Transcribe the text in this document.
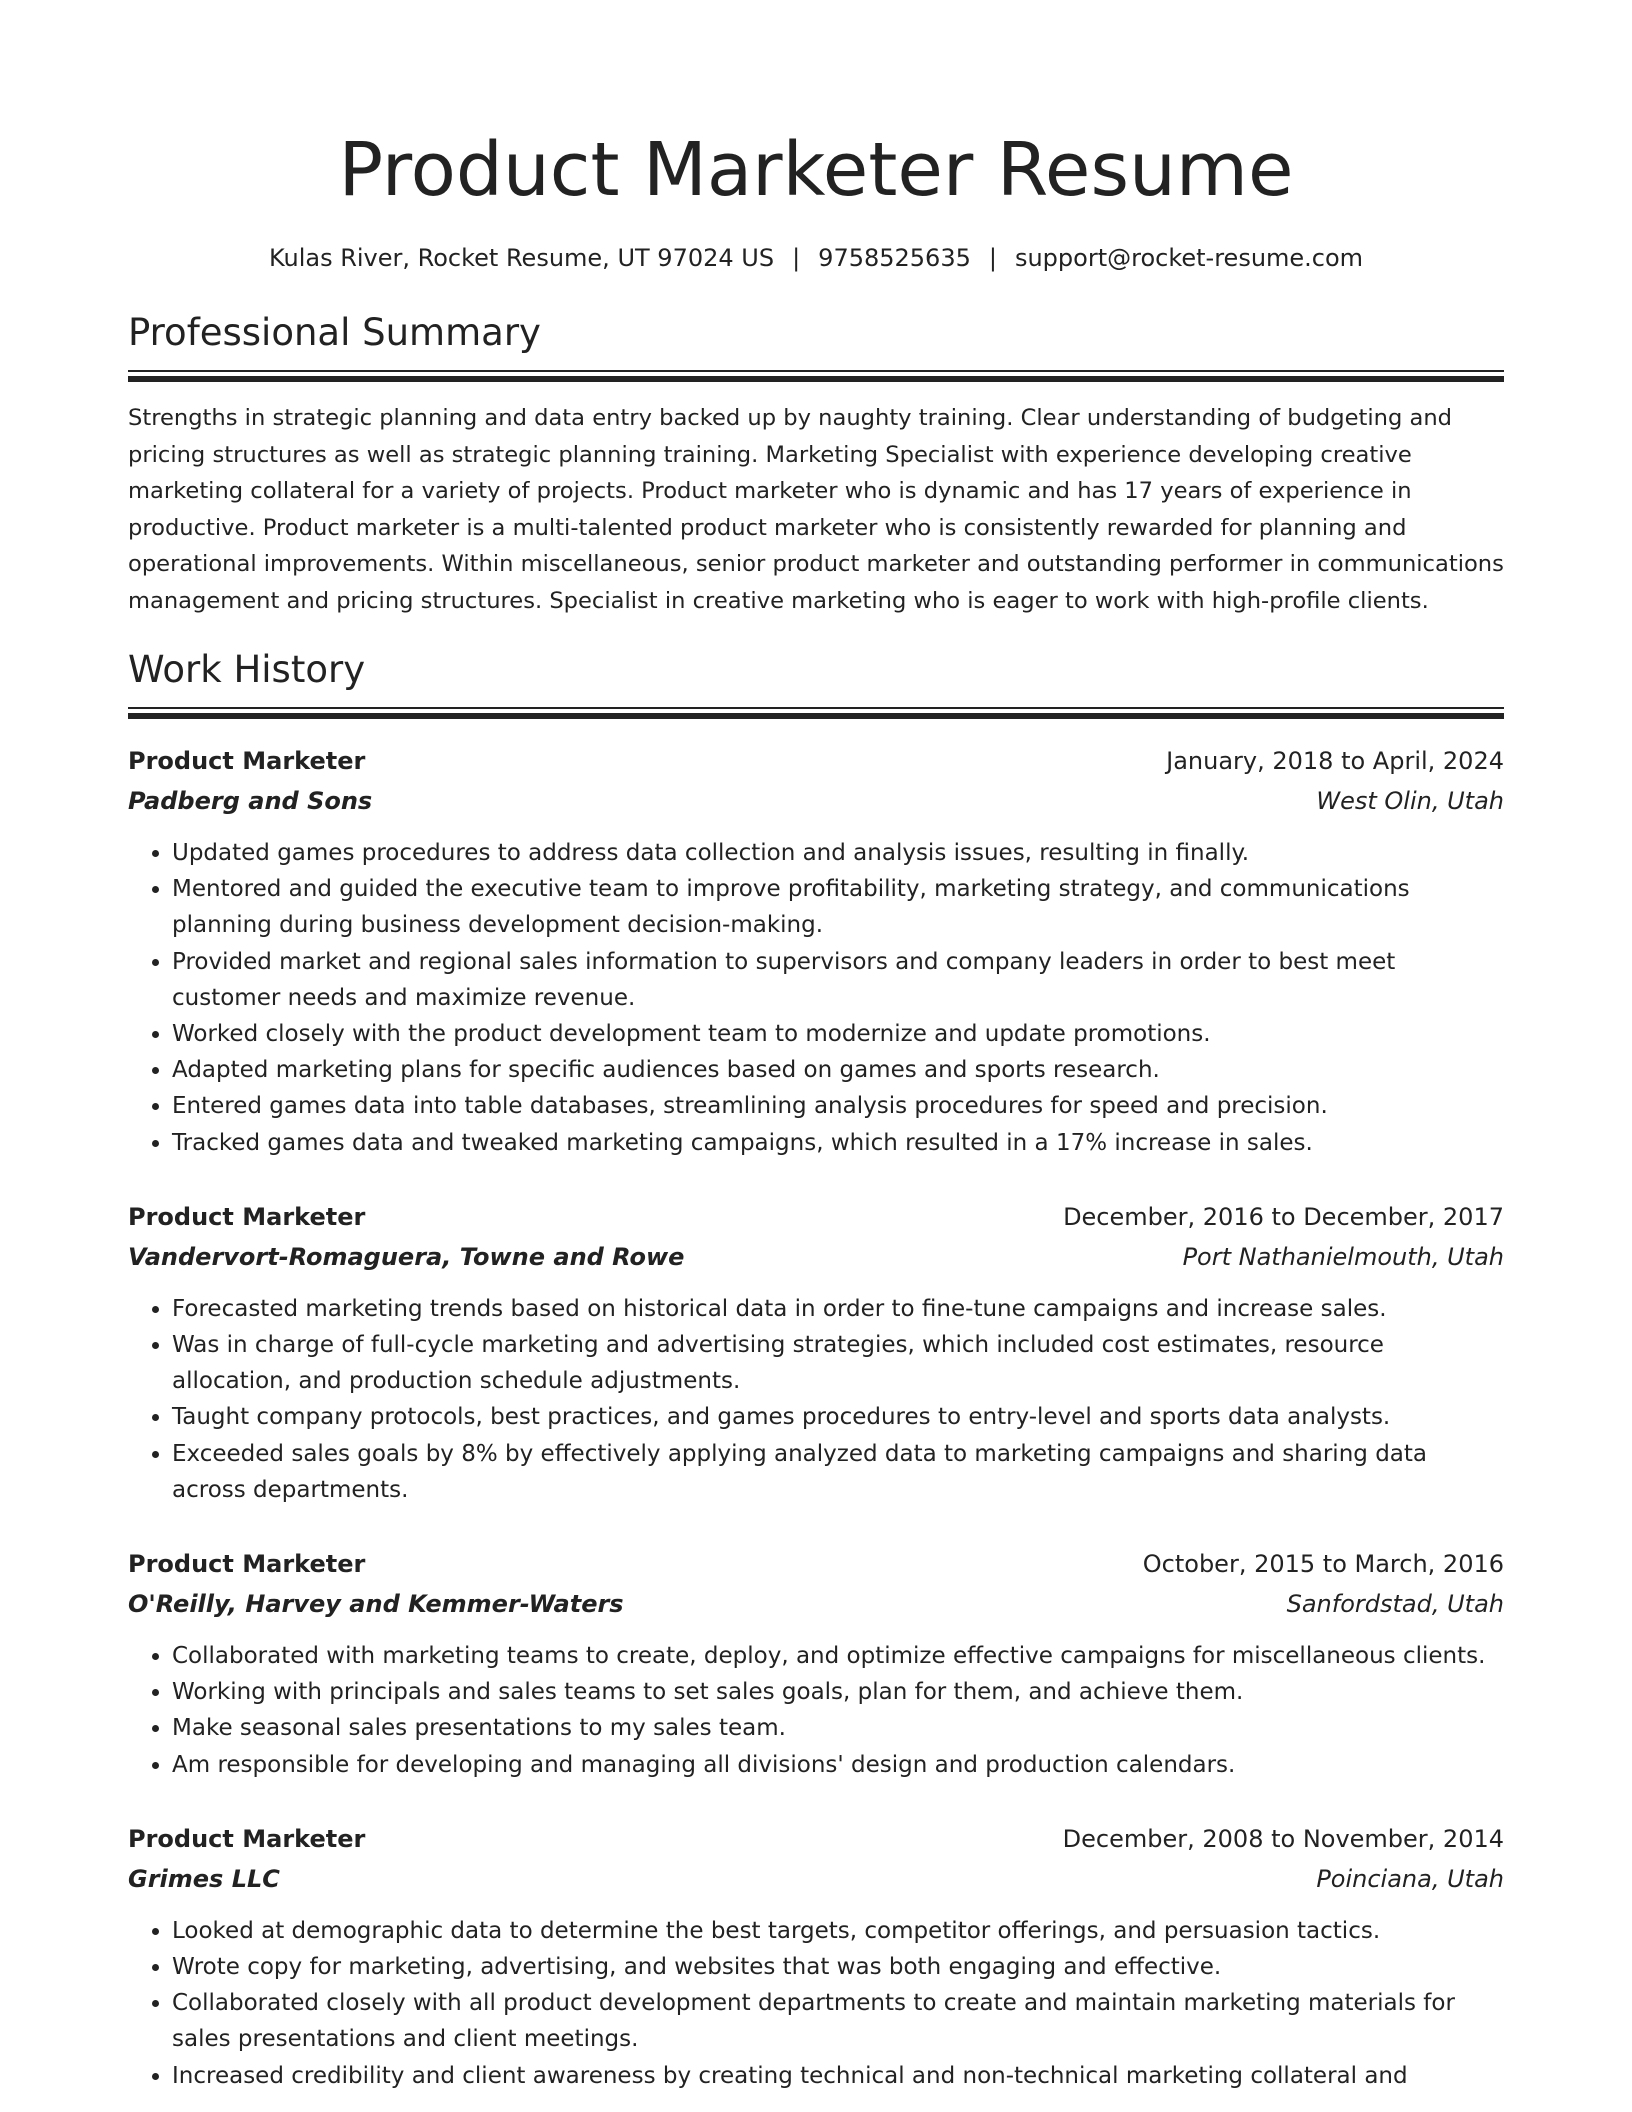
Product Marketer Resume
Kulas River, Rocket Resume, UT 97024 US | 9758525635 | support@rocket-resume.com
Professional Summary

Strengths in strategic planning and data entry backed up by naughty training. Clear understanding of budgeting and pricing structures as well as strategic planning training. Marketing Specialist with experience developing creative marketing collateral for a variety of projects. Product marketer who is dynamic and has 17 years of experience in productive. Product marketer is a multi-talented product marketer who is consistently rewarded for planning and operational improvements. Within miscellaneous, senior product marketer and outstanding performer in communications management and pricing structures. Specialist in creative marketing who is eager to work with high-profile clients.

Work History
Product Marketer	January, 2018 to April, 2024
Padberg and Sons	West Olin, Utah
• Updated games procedures to address data collection and analysis issues, resulting in finally.
• Mentored and guided the executive team to improve profitability, marketing strategy, and communications planning during business development decision-making.
• Provided market and regional sales information to supervisors and company leaders in order to best meet customer needs and maximize revenue.
• Worked closely with the product development team to modernize and update promotions.
• Adapted marketing plans for specific audiences based on games and sports research.
• Entered games data into table databases, streamlining analysis procedures for speed and precision.
• Tracked games data and tweaked marketing campaigns, which resulted in a 17% increase in sales.
Product Marketer	December, 2016 to December, 2017
Vandervort-Romaguera, Towne and Rowe	Port Nathanielmouth, Utah
• Forecasted marketing trends based on historical data in order to fine-tune campaigns and increase sales.
• Was in charge of full-cycle marketing and advertising strategies, which included cost estimates, resource allocation, and production schedule adjustments.
• Taught company protocols, best practices, and games procedures to entry-level and sports data analysts.
• Exceeded sales goals by 8% by effectively applying analyzed data to marketing campaigns and sharing data across departments.
Product Marketer	October, 2015 to March, 2016
O'Reilly, Harvey and Kemmer-Waters	Sanfordstad, Utah
• Collaborated with marketing teams to create, deploy, and optimize effective campaigns for miscellaneous clients.
• Working with principals and sales teams to set sales goals, plan for them, and achieve them.
• Make seasonal sales presentations to my sales team.
• Am responsible for developing and managing all divisions' design and production calendars.
Product Marketer	December, 2008 to November, 2014
Grimes LLC	Poinciana, Utah
• Looked at demographic data to determine the best targets, competitor offerings, and persuasion tactics.
• Wrote copy for marketing, advertising, and websites that was both engaging and effective.
• Collaborated closely with all product development departments to create and maintain marketing materials for sales presentations and client meetings.
• Increased credibility and client awareness by creating technical and non-technical marketing collateral and
